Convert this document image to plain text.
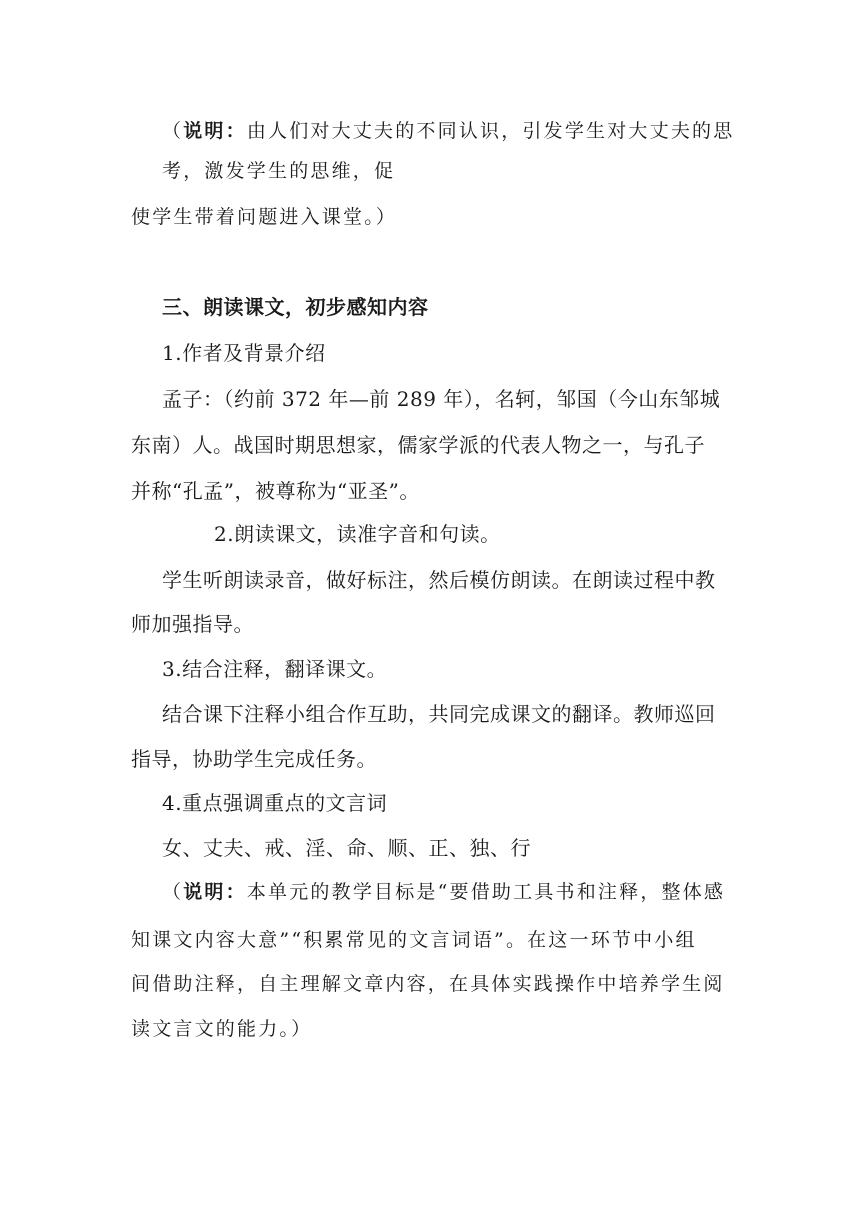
（说明：由人们对大丈夫的不同认识，引发学生对大丈夫的思
考，激发学生的思维，促
使学生带着问题进入课堂。）
三、朗读课文，初步感知内容
1.作者及背景介绍
孟子：（约前 372 年—前 289 年），名轲，邹国（今山东邹城
东南）人。战国时期思想家，儒家学派的代表人物之一，与孔子
并称“孔孟”，被尊称为“亚圣”。
2.朗读课文，读准字音和句读。
学生听朗读录音，做好标注，然后模仿朗读。在朗读过程中教
师加强指导。
3.结合注释，翻译课文。
结合课下注释小组合作互助，共同完成课文的翻译。教师巡回
指导，协助学生完成任务。
4.重点强调重点的文言词
女、丈夫、戒、淫、命、顺、正、独、行
（说明：本单元的教学目标是“要借助工具书和注释，整体感
知课文内容大意”“积累常见的文言词语”。在这一环节中小组
间借助注释，自主理解文章内容，在具体实践操作中培养学生阅
读文言文的能力。）
